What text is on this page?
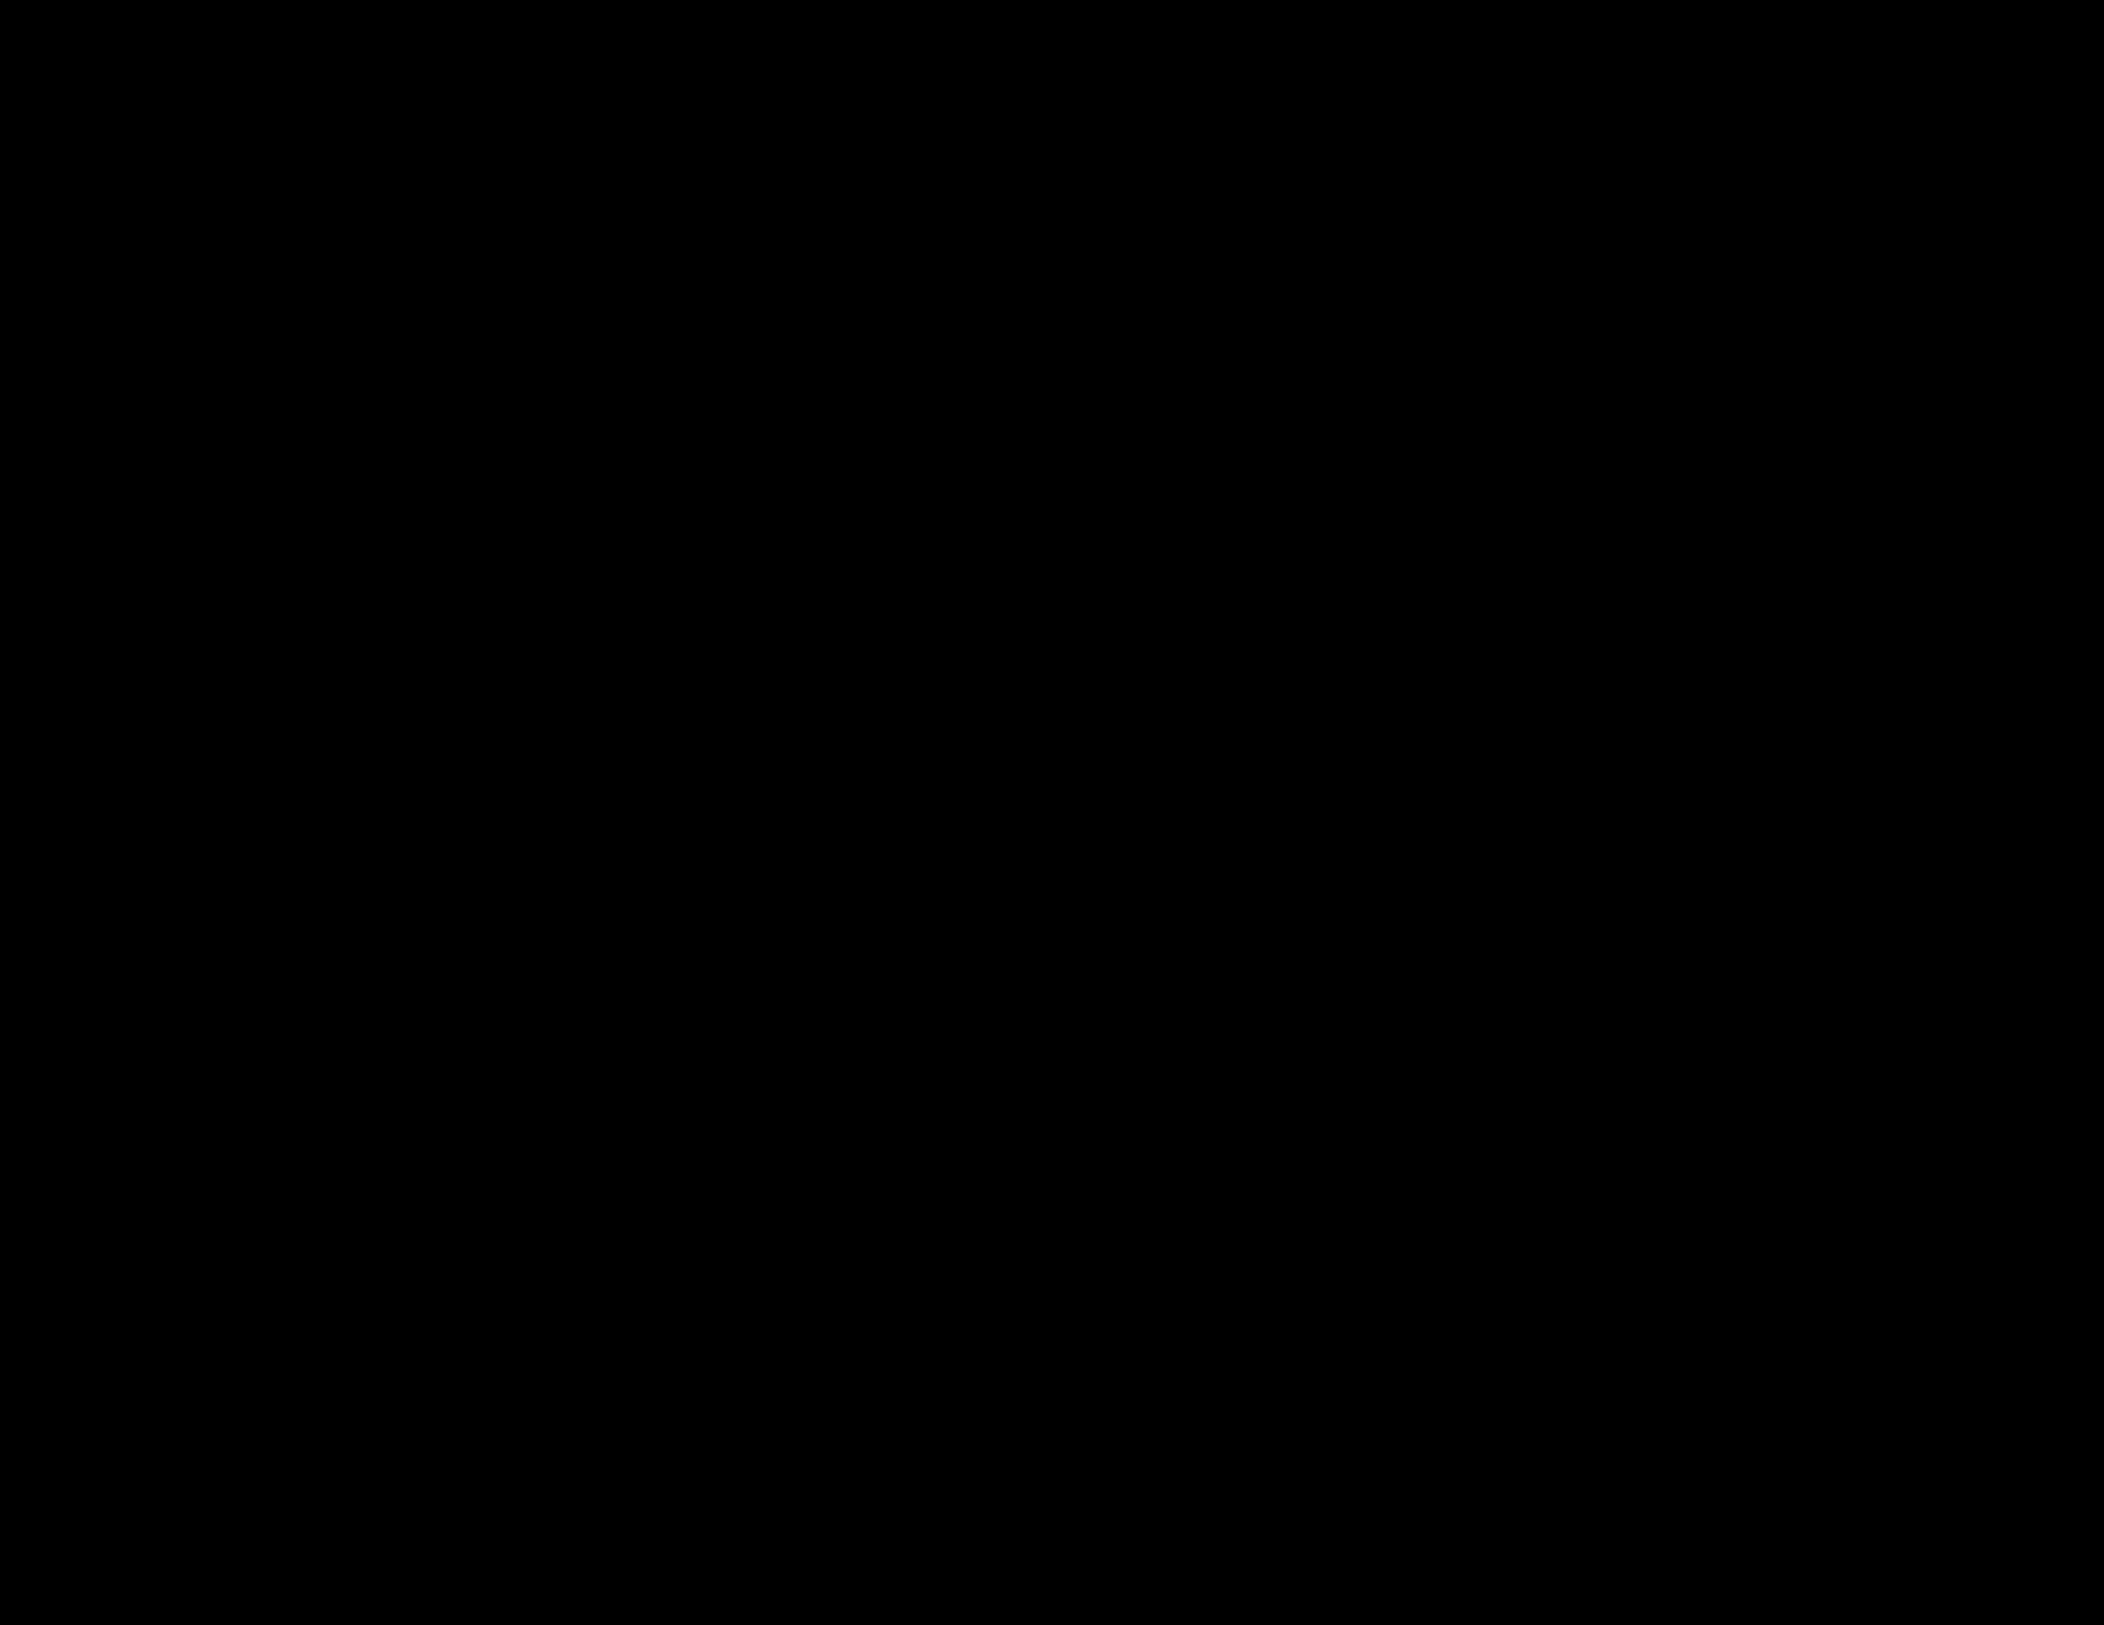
Χρησιμοποιώντας προσανατολισμένη παρατήρηση και έρευνα
Εφαρμόζοντας ένα πλάνο πειθαρχίας
Δημιουργώντας προσδοκίες και ενισχύοντας επιθυμητές συμπεριφορές
Βελτιώνοντας την διοίκηση της τάξης (επιτυγχάνοντας καλύτερη διαχείριση της τάξης)
Εξασφαλίζοντας ένα θετικό (ενθαρρυντικό) κλίμα στην τάξη (στο περιβάλλον μάθησης)
Στάδιο 2
Οργανώνοντας στο μάθημα με στόχο τη μεγιστοποίηση της μάθησης.
Αναπτύσσοντας τα αντικείμενα απόδοσης
Ενσωματώνοντας την μηχανική ανάλυση με τη διδακτική
Επιλέγοντας δραστηριότητες και με κατάλληλο επίπεδο δυσκολίας
Μεγιστοποιώντας το χρόνο εξάσκησης
Αξιολογώντας την αποτελεσματικότητα του μαθήματος
Στάδιο 3
Βελτιώνοντας τις διδακτικές ικανότητες
Παρέχοντας κατάλληλη ανατροφοδότηση για τις δεξιότητες
Χρησιμοποιώντας τεχνικές για αποτελεσματική επίδειξη (παρουσίαση). Βελτιώνοντας την παρουσίαση των δεξιοτήτων στο μάθημα (αποτελεσματική εισαγωγή - επεξήγηση και κλείσιμο ).
Επαυξάνοντας δεξιότητες ερωτήσεων (προαγωγή υψηλή σκέψης)
Εκτιμώντας την απόδοση των μαθητών
Στρατηγικές παρατήρησης και αξιολόγησης
Οι Kindsvatter, Wilen και Ishler (1996) στο βιβλίο τους παρουσιάζουν τις θέσεις και τις απόψεις τους όσον αφορά τις δυναμικές που πρέπει να έχει μια αποτελεσματική διδασκαλία:
Ο παράγοντας της λήψης απόφασης (decision making) ο οποίος είναι ζωτικής σημασίας στην εδραίωση του περιβάλλοντος μάθησης, του σχεδιασμού της διδασκαλίας, της αλληλεπίδρασης με τους μαθητές και της αξιολόγησης της απόδοσης κα της επιτυχίας τους.
Πειθαρχία της τάξης. Δημοκρατική - πειθαρχημένη τάξη. Δημιουργία ενός σταθερού συστήματος αρχών και κανόνων που αφορούν την πειθαρχία της τάξης.
Άμεση σχέση της διδασκαλίας με το αναλυτικό πρόγραμμα.
Σχεδιασμός διδασκαλίας
Βασικές συμπεριφορές και τεχνικές διδασκαλίας
44
